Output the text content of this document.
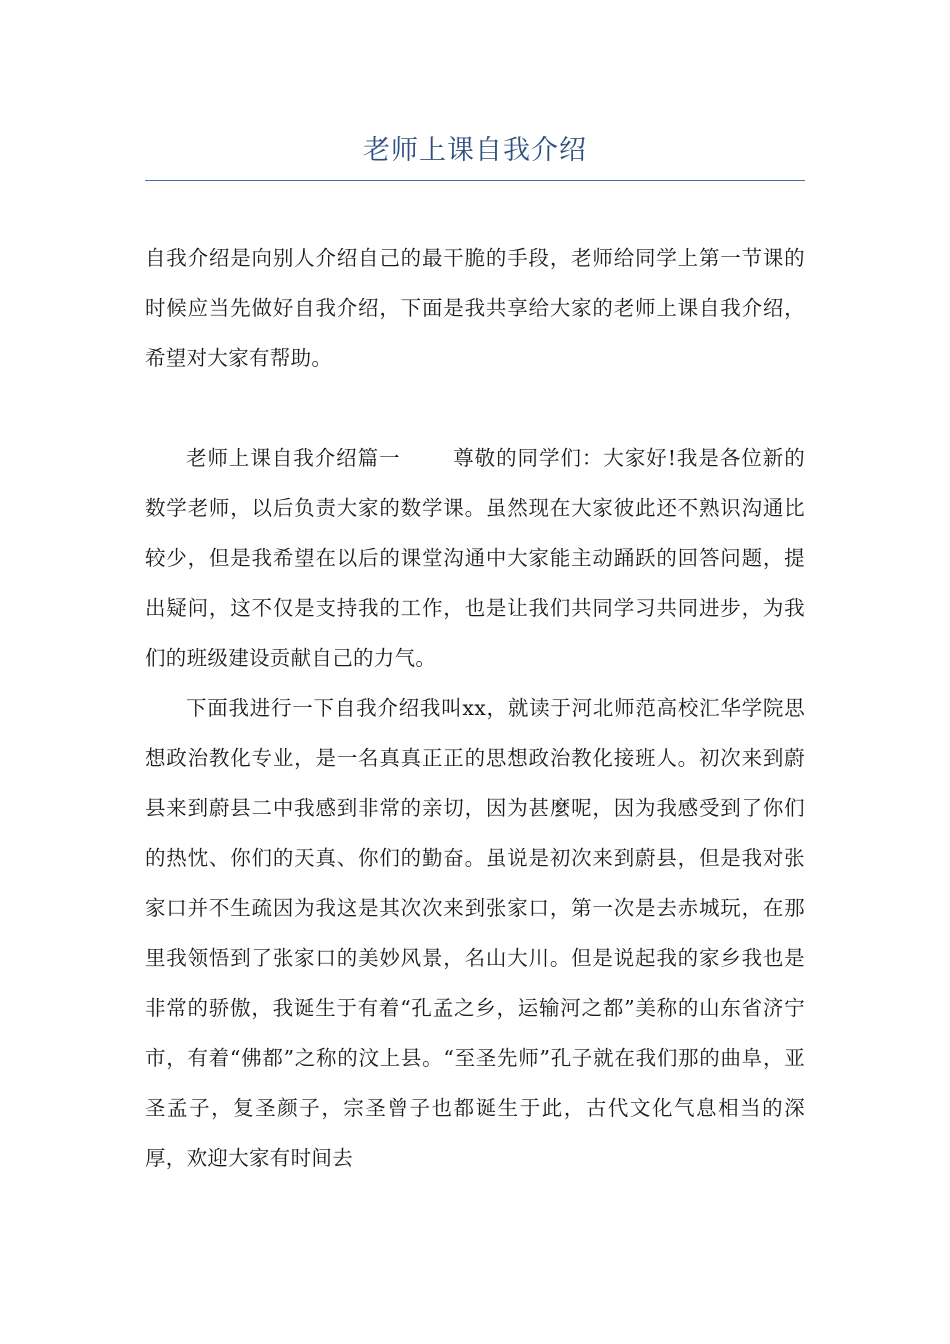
老师上课自我介绍

自我介绍是向别人介绍自己的最干脆的手段，老师给同学上第一节课的时候应当先做好自我介绍，下面是我共享给大家的老师上课自我介绍，希望对大家有帮助。

老师上课自我介绍篇一	尊敬的同学们：大家好!我是各位新的数学老师，以后负责大家的数学课。虽然现在大家彼此还不熟识沟通比较少，但是我希望在以后的课堂沟通中大家能主动踊跃的回答问题，提出疑问，这不仅是支持我的工作，也是让我们共同学习共同进步，为我们的班级建设贡献自己的力气。

下面我进行一下自我介绍我叫xx，就读于河北师范高校汇华学院思想政治教化专业，是一名真真正正的思想政治教化接班人。初次来到蔚县来到蔚县二中我感到非常的亲切，因为甚麼呢，因为我感受到了你们的热忱、你们的天真、你们的勤奋。虽说是初次来到蔚县，但是我对张家口并不生疏因为我这是其次次来到张家口，第一次是去赤城玩，在那里我领悟到了张家口的美妙风景，名山大川。但是说起我的家乡我也是非常的骄傲，我诞生于有着“孔孟之乡，运输河之都”美称的山东省济宁市，有着“佛都”之称的汶上县。“至圣先师”孔子就在我们那的曲阜，亚圣孟子，复圣颜子，宗圣曾子也都诞生于此，古代文化气息相当的深厚，欢迎大家有时间去
